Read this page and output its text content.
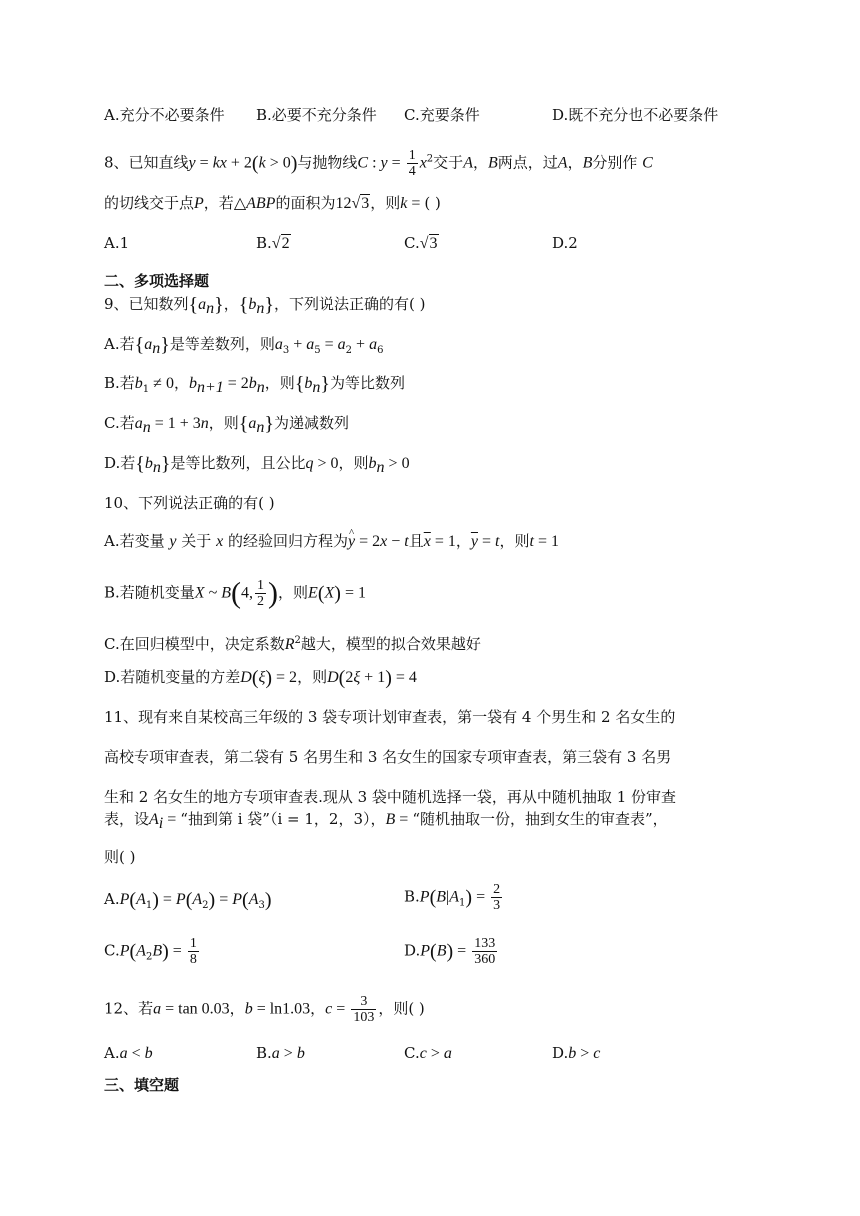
A.充分不必要条件 B.必要不充分条件 C.充要条件	D.既不充分也不必要条件
8、已知直线y = kx + 2(k > 0)与抛物线C : $y = \frac{1}{4} x^2$交于A，B两点，过A，B分别作 C
的切线交于点P，若△ABP的面积为12√3，则k = ( )
A.1	B.√2	C.√3	D.2
二、多项选择题
9、已知数列$\{a_n\}$，$\{b_n\}$，下列说法正确的有( )
A.若$\{a_n\}$是等差数列，则$a_3 + a_5 = a_2 + a_6$
B.若$b_1 \ne 0$，$b_{n+1} = 2b_n$，则$\{b_n\}$为等比数列
C.若$a_n = 1 + 3n$，则$\{a_n\}$为递减数列
D.若$\{b_n\}$是等比数列，且公比q > 0，则$b_n > 0$
10、下列说法正确的有( )
A.若变量 y 关于 x 的经验回归方程为^ y = 2x − t且$\overline{x} = 1$，$\overline{y} = t$，则t = 1
B.若随机变量X ~ B(4, $\frac{1}{2}$ )，则E(X) = 1
C.在回归模型中，决定系数$R^2$越大，模型的拟合效果越好
D.若随机变量的方差D(ξ) = 2，则D(2ξ + 1) = 4
11、现有来自某校高三年级的 3 袋专项计划审查表，第一袋有 4 个男生和 2 名女生的
高校专项审查表，第二袋有 5 名男生和 3 名女生的国家专项审查表，第三袋有 3 名男
生和 2 名女生的地方专项审查表.现从 3 袋中随机选择一袋，再从中随机抽取 1 份审查
表，设$A_i$ = “抽到第 i 袋”（i = 1，2，3），B = “随机抽取一份，抽到女生的审查表”，
则( )
$A.P(A_1) = P(A_2) = P(A_3)$	$B.P(B|A_1) = \frac{2}{3}$
$C.P(A_2B) = \frac{1}{8}$	$D.P(B) = \frac{133}{360}$
12、若a = tan 0.03，b = ln1.03，$c = \frac{3}{103}$ ，则( )
A.a < b	B.a > b	C.c > a	D.b > c
三、填空题
